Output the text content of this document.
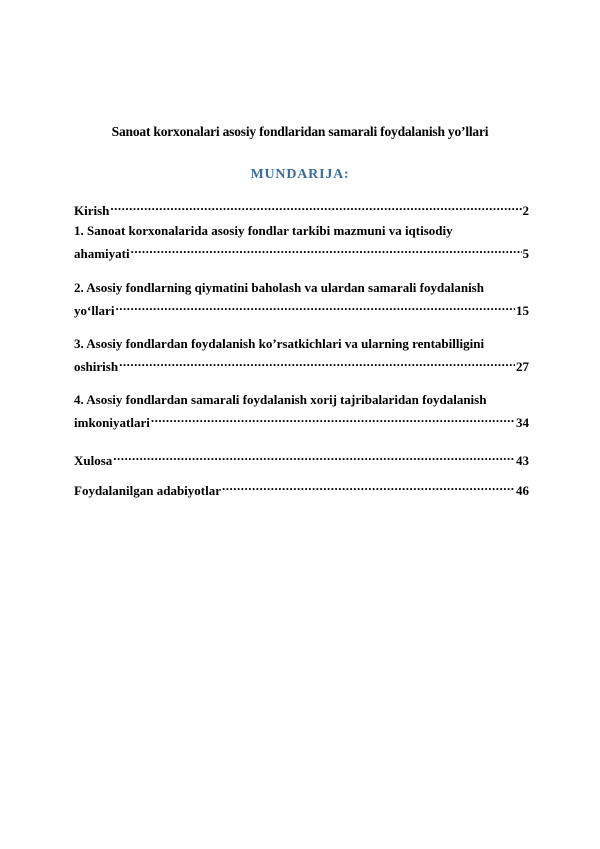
Sanoat korxonalari asosiy fondlaridan samarali foydalanish yo’llari
MUNDARIJA:
Kirish .....	2
1. Sanoat korxonalarida asosiy fondlar tarkibi mazmuni va iqtisodiy
ahamiyati .....	5
2. Asosiy fondlarning qiymatini baholash va ulardan samarali foydalanish
yo‘llari .....	15
3. Asosiy fondlardan foydalanish ko’rsatkichlari va ularning rentabilligini
oshirish .....	27
4. Asosiy fondlardan samarali foydalanish xorij tajribalaridan foydalanish
imkoniyatlari .....	34
Xulosa .....	43
Foydalanilgan adabiyotlar .....	46
